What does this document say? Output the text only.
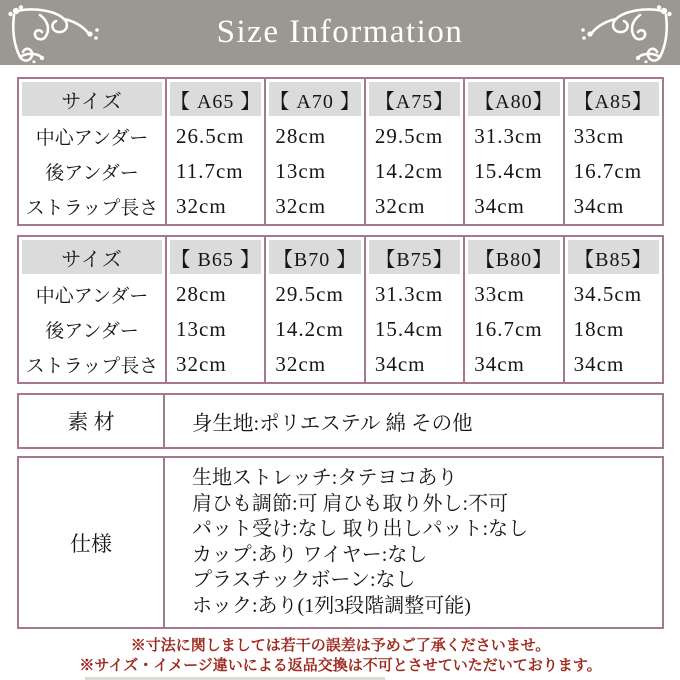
Size Information
サイズ
中心アンダー
後アンダー
ストラップ長さ
【 A65 】
26.5cm
11.7cm
32cm
【 A70 】
28cm
13cm
32cm
【A75】
29.5cm
14.2cm
32cm
【A80】
31.3cm
15.4cm
34cm
【A85】
33cm
16.7cm
34cm
サイズ
中心アンダー
後アンダー
ストラップ長さ
【 B65 】
28cm
13cm
32cm
【B70 】
29.5cm
14.2cm
32cm
【B75】
31.3cm
15.4cm
34cm
【B80】
33cm
16.7cm
34cm
【B85】
34.5cm
18cm
34cm
素 材	身生地:ポリエステル 綿 その他
仕様
生地ストレッチ:タテヨコあり
肩ひも調節:可 肩ひも取り外し:不可
パット受け:なし 取り出しパット:なし
カップ:あり ワイヤー:なし
プラスチックボーン:なし
ホック:あり(1列3段階調整可能)
※寸法に関しましては若干の誤差は予めご了承くださいませ。
※サイズ・イメージ違いによる返品交換は不可とさせていただいております。
